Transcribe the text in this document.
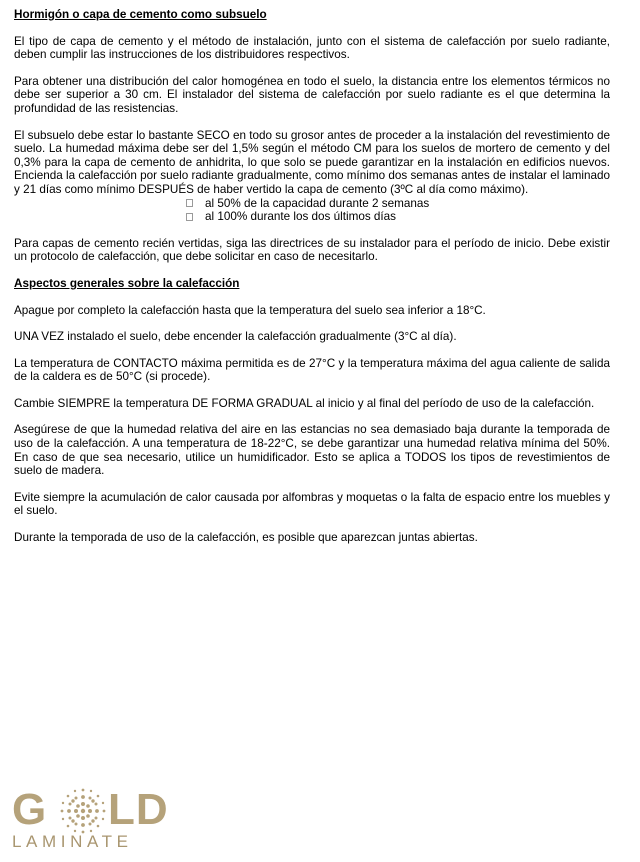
Hormigón o capa de cemento como subsuelo

El tipo de capa de cemento y el método de instalación, junto con el sistema de calefacción por suelo radiante, deben cumplir las instrucciones de los distribuidores respectivos.

Para obtener una distribución del calor homogénea en todo el suelo, la distancia entre los elementos térmicos no debe ser superior a 30 cm. El instalador del sistema de calefacción por suelo radiante es el que determina la profundidad de las resistencias.

El subsuelo debe estar lo bastante SECO en todo su grosor antes de proceder a la instalación del revestimiento de suelo. La humedad máxima debe ser del 1,5% según el método CM para los suelos de mortero de cemento y del 0,3% para la capa de cemento de anhidrita, lo que solo se puede garantizar en la instalación en edificios nuevos. Encienda la calefacción por suelo radiante gradualmente, como mínimo dos semanas antes de instalar el laminado y 21 días como mínimo DESPUÉS de haber vertido la capa de cemento (3ºC al día como máximo).

al 50% de la capacidad durante 2 semanas
al 100% durante los dos últimos días

Para capas de cemento recién vertidas, siga las directrices de su instalador para el período de inicio. Debe existir un protocolo de calefacción, que debe solicitar en caso de necesitarlo.

Aspectos generales sobre la calefacción

Apague por completo la calefacción hasta que la temperatura del suelo sea inferior a 18°C.

UNA VEZ instalado el suelo, debe encender la calefacción gradualmente (3°C al día).

La temperatura de CONTACTO máxima permitida es de 27°C y la temperatura máxima del agua caliente de salida de la caldera es de 50°C (si procede).

Cambie SIEMPRE la temperatura DE FORMA GRADUAL al inicio y al final del período de uso de la calefacción.

Asegúrese de que la humedad relativa del aire en las estancias no sea demasiado baja durante la temporada de uso de la calefacción. A una temperatura de 18-22°C, se debe garantizar una humedad relativa mínima del 50%. En caso de que sea necesario, utilice un humidificador. Esto se aplica a TODOS los tipos de revestimientos de suelo de madera.

Evite siempre la acumulación de calor causada por alfombras y moquetas o la falta de espacio entre los muebles y el suelo.

Durante la temporada de uso de la calefacción, es posible que aparezcan juntas abiertas.

G LD
LAMINATE
